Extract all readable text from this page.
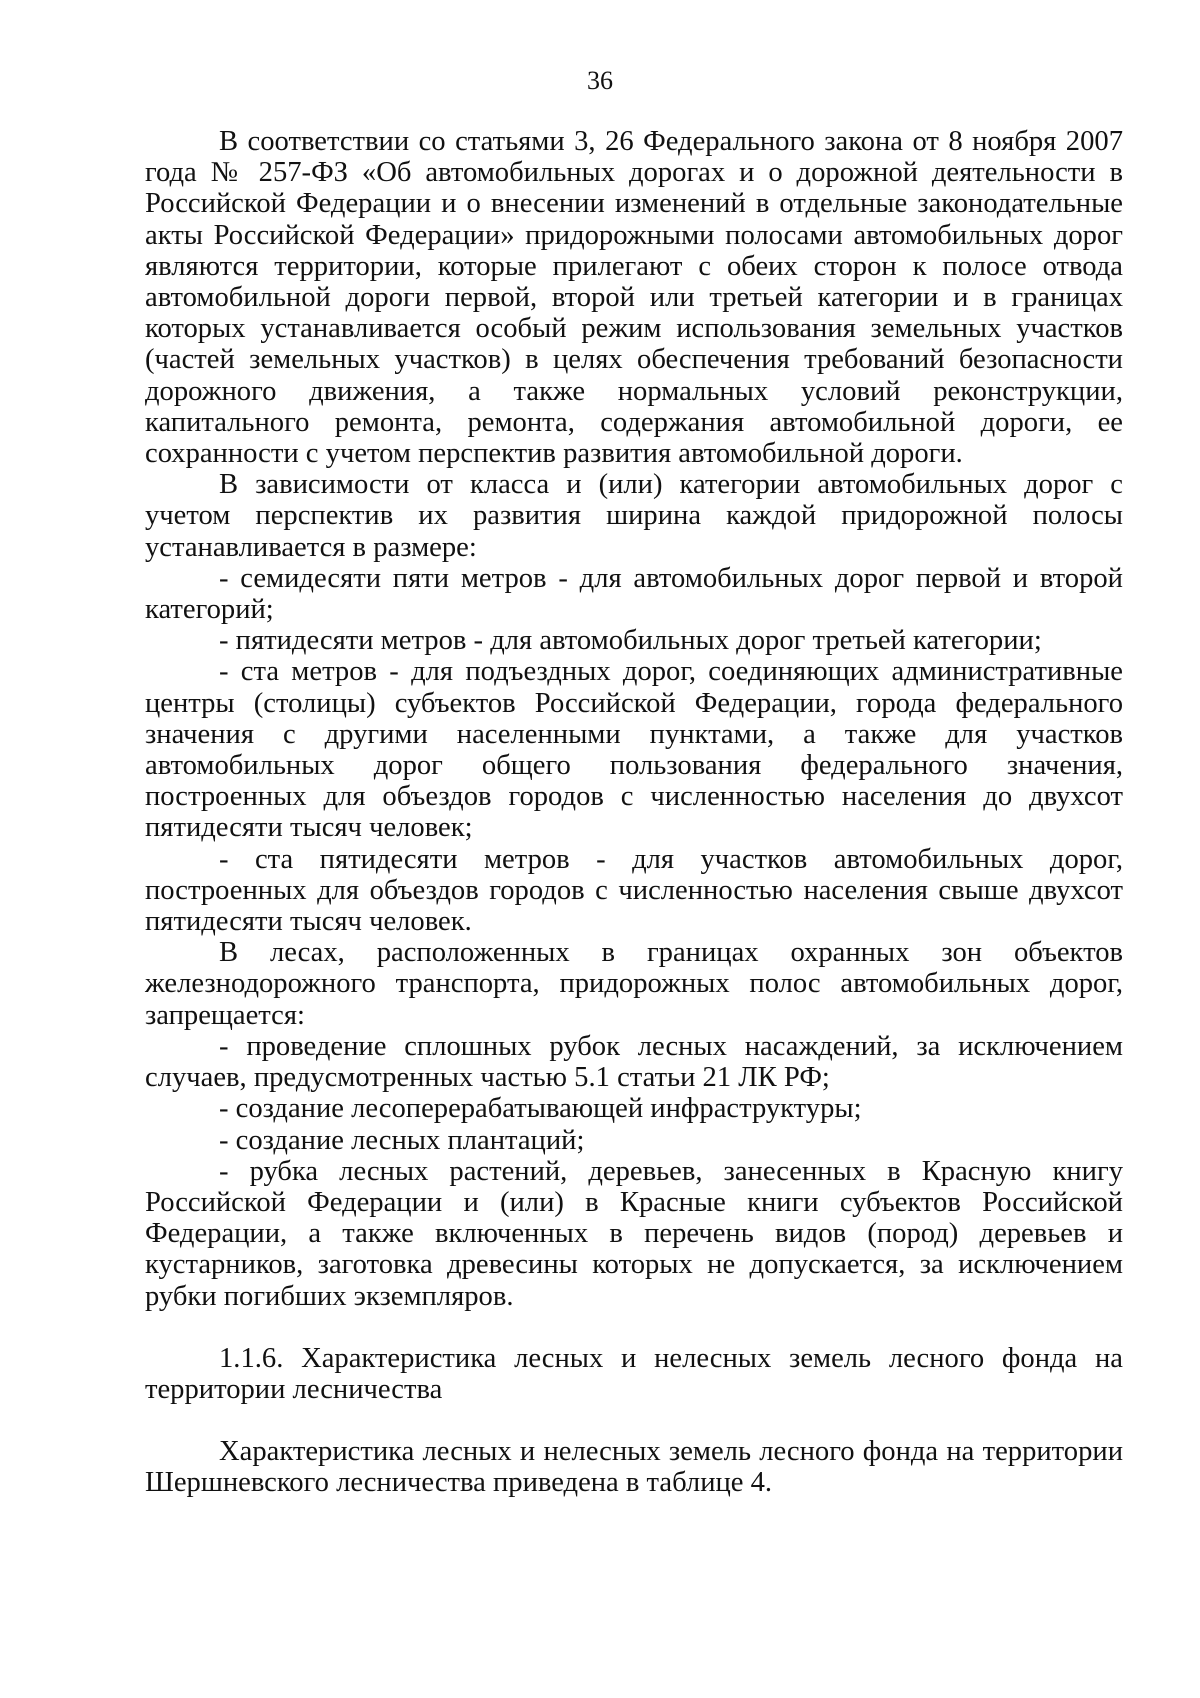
36

В соответствии со статьями 3, 26 Федерального закона от 8 ноября 2007 года № 257-ФЗ «Об автомобильных дорогах и о дорожной деятельности в Российской Федерации и о внесении изменений в отдельные законодательные акты Российской Федерации» придорожными полосами автомобильных дорог являются территории, которые прилегают с обеих сторон к полосе отвода автомобильной дороги первой, второй или третьей категории и в границах которых устанавливается особый режим использования земельных участков (частей земельных участков) в целях обеспечения требований безопасности дорожного движения, а также нормальных условий реконструкции, капитального ремонта, ремонта, содержания автомобильной дороги, ее сохранности с учетом перспектив развития автомобильной дороги.

В зависимости от класса и (или) категории автомобильных дорог с учетом перспектив их развития ширина каждой придорожной полосы устанавливается в размере:

- семидесяти пяти метров - для автомобильных дорог первой и второй категорий;

- пятидесяти метров - для автомобильных дорог третьей категории;

- ста метров - для подъездных дорог, соединяющих административные центры (столицы) субъектов Российской Федерации, города федерального значения с другими населенными пунктами, а также для участков автомобильных дорог общего пользования федерального значения, построенных для объездов городов с численностью населения до двухсот пятидесяти тысяч человек;

- ста пятидесяти метров - для участков автомобильных дорог, построенных для объездов городов с численностью населения свыше двухсот пятидесяти тысяч человек.

В лесах, расположенных в границах охранных зон объектов железнодорожного транспорта, придорожных полос автомобильных дорог, запрещается:

- проведение сплошных рубок лесных насаждений, за исключением случаев, предусмотренных частью 5.1 статьи 21 ЛК РФ;

- создание лесоперерабатывающей инфраструктуры;

- создание лесных плантаций;

- рубка лесных растений, деревьев, занесенных в Красную книгу Российской Федерации и (или) в Красные книги субъектов Российской Федерации, а также включенных в перечень видов (пород) деревьев и кустарников, заготовка древесины которых не допускается, за исключением рубки погибших экземпляров.

1.1.6. Характеристика лесных и нелесных земель лесного фонда на территории лесничества

Характеристика лесных и нелесных земель лесного фонда на территории Шершневского лесничества приведена в таблице 4.
